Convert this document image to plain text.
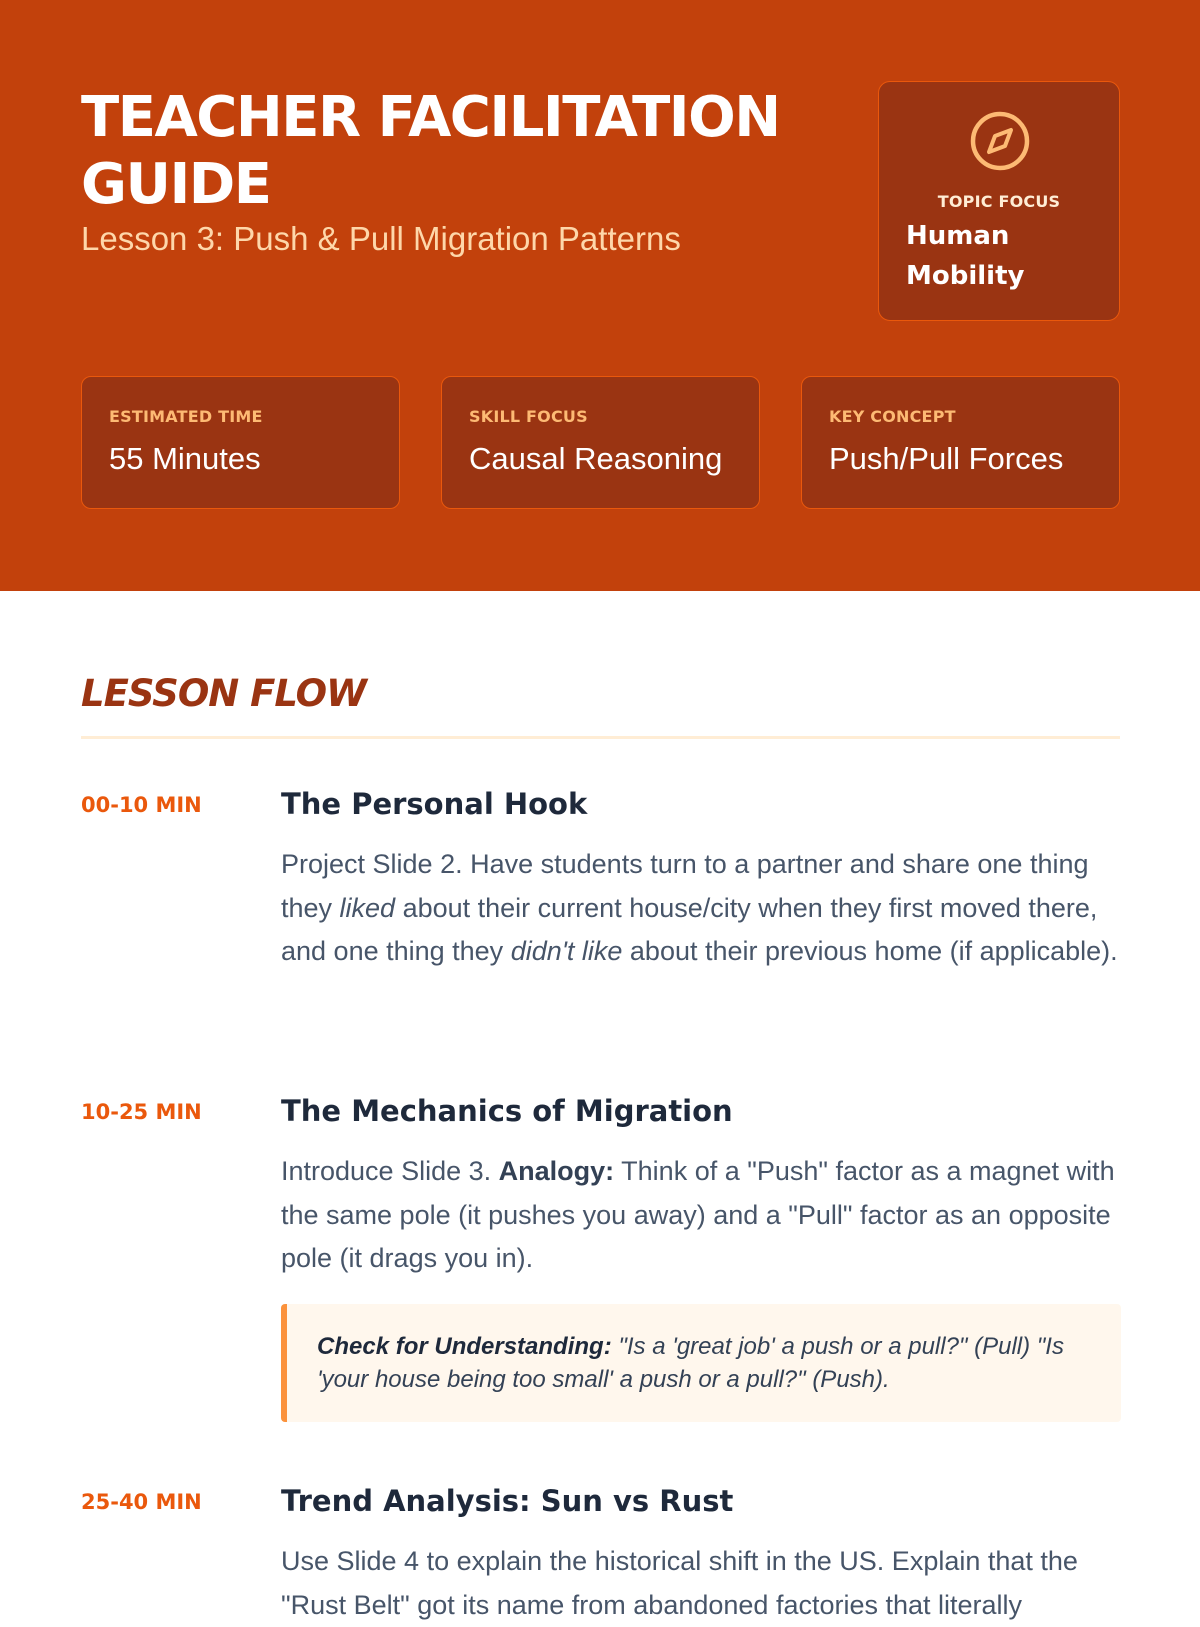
TEACHER FACILITATION GUIDE
Lesson 3: Push & Pull Migration Patterns
TOPIC FOCUS
Human Mobility
ESTIMATED TIME
55 Minutes
SKILL FOCUS
Causal Reasoning
KEY CONCEPT
Push/Pull Forces
LESSON FLOW
00-10 MIN	The Personal Hook

Project Slide 2. Have students turn to a partner and share one thing they liked about their current house/city when they first moved there, and one thing they didn't like about their previous home (if applicable).

10-25 MIN	The Mechanics of Migration

Introduce Slide 3. Analogy: Think of a "Push" factor as a magnet with the same pole (it pushes you away) and a "Pull" factor as an opposite pole (it drags you in).

Check for Understanding: "Is a 'great job' a push or a pull?" (Pull) "Is 'your house being too small' a push or a pull?" (Push).

25-40 MIN	Trend Analysis: Sun vs Rust

Use Slide 4 to explain the historical shift in the US. Explain that the "Rust Belt" got its name from abandoned factories that literally
